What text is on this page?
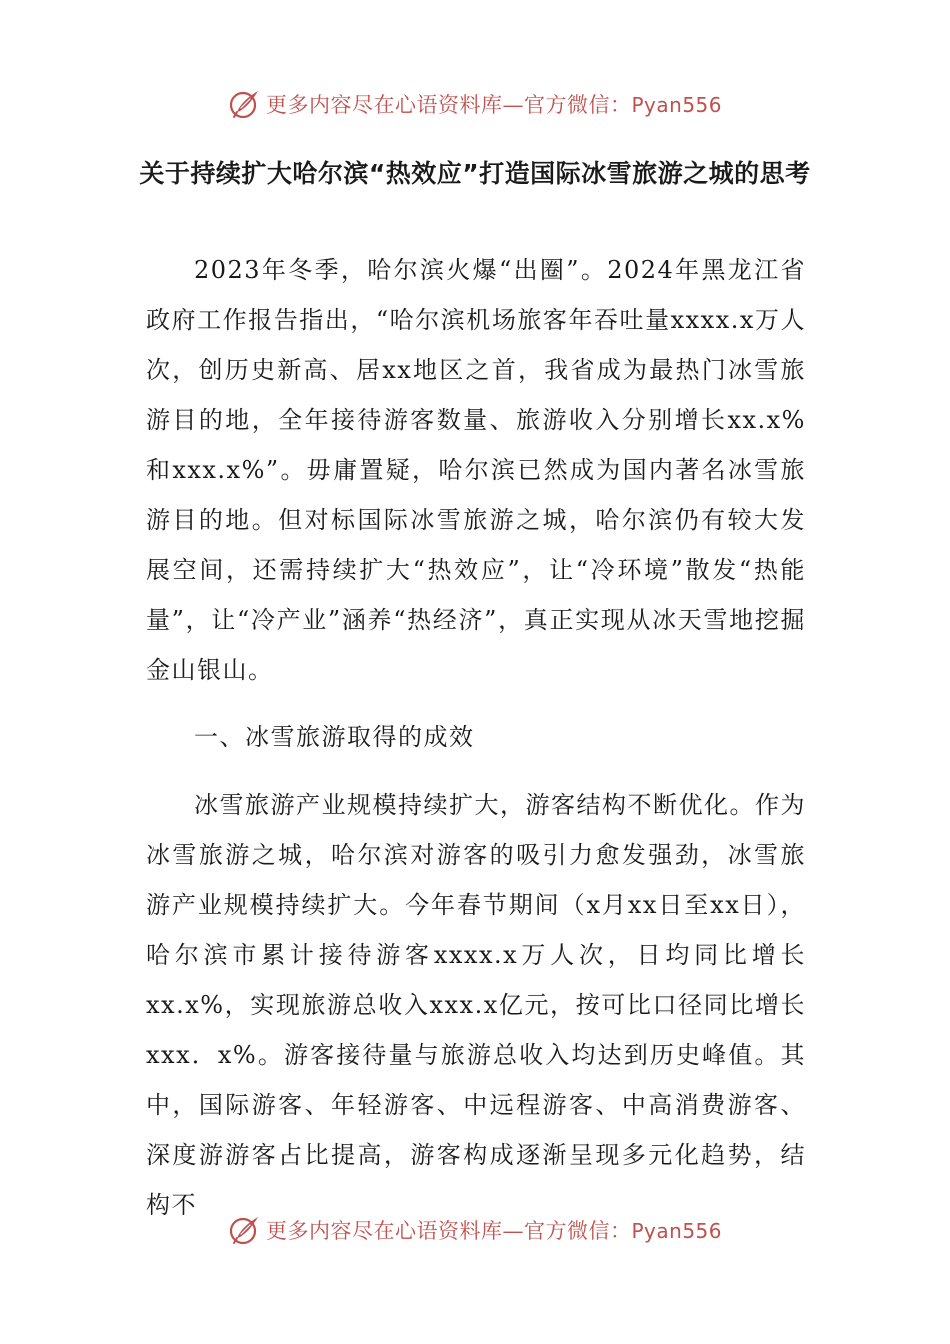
更多内容尽在心语资料库—官方微信：Pyan556
关于持续扩大哈尔滨“热效应”打造国际冰雪旅游之城的思考

2023年冬季，哈尔滨火爆“出圈”。2024年黑龙江省政府工作报告指出，“哈尔滨机场旅客年吞吐量xxxx.x万人次，创历史新高、居xx地区之首，我省成为最热门冰雪旅游目的地，全年接待游客数量、旅游收入分别增长xx.x%和xxx.x%”。毋庸置疑，哈尔滨已然成为国内著名冰雪旅游目的地。但对标国际冰雪旅游之城，哈尔滨仍有较大发展空间，还需持续扩大“热效应”，让“冷环境”散发“热能量”，让“冷产业”涵养“热经济”，真正实现从冰天雪地挖掘金山银山。

一、冰雪旅游取得的成效

冰雪旅游产业规模持续扩大，游客结构不断优化。作为冰雪旅游之城，哈尔滨对游客的吸引力愈发强劲，冰雪旅游产业规模持续扩大。今年春节期间（x月xx日至xx日），哈尔滨市累计接待游客xxxx.x万人次，日均同比增长xx.x%，实现旅游总收入xxx.x亿元，按可比口径同比增长xxx．x%。游客接待量与旅游总收入均达到历史峰值。其中，国际游客、年轻游客、中远程游客、中高消费游客、深度游游客占比提高，游客构成逐渐呈现多元化趋势，结构不

更多内容尽在心语资料库—官方微信：Pyan556
